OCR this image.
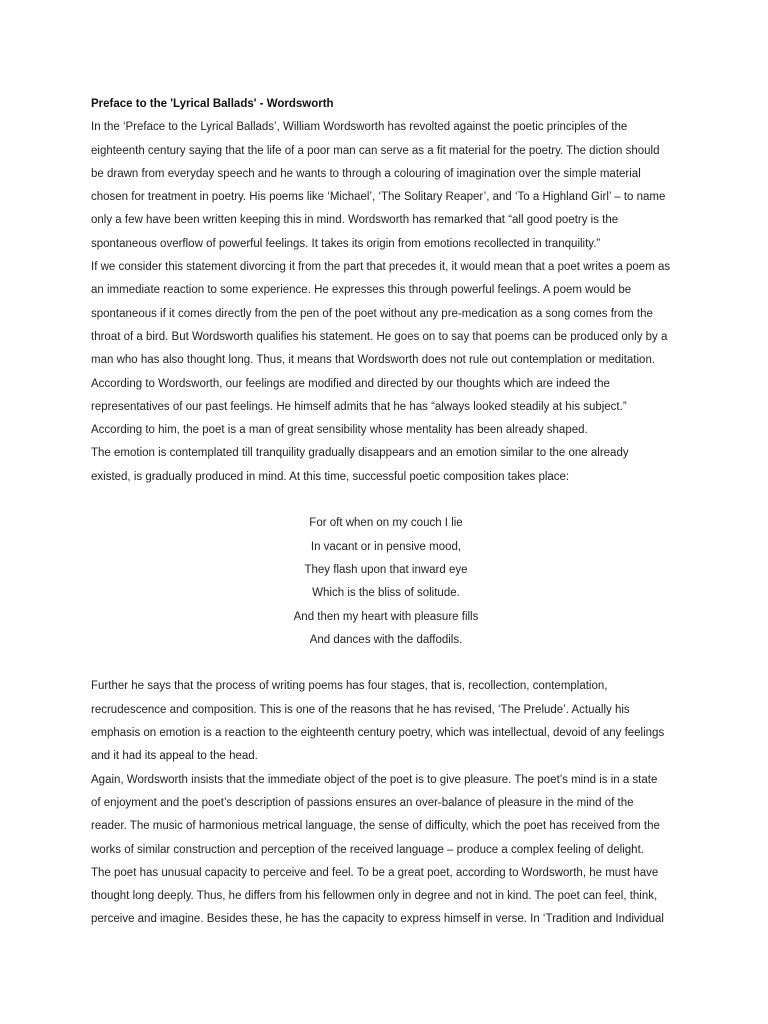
Preface to the 'Lyrical Ballads' - Wordsworth

In the ‘Preface to the Lyrical Ballads’, William Wordsworth has revolted against the poetic principles of the

eighteenth century saying that the life of a poor man can serve as a fit material for the poetry. The diction should

be drawn from everyday speech and he wants to through a colouring of imagination over the simple material

chosen for treatment in poetry. His poems like ‘Michael’, ‘The Solitary Reaper’, and ‘To a Highland Girl’ – to name

only a few have been written keeping this in mind. Wordsworth has remarked that “all good poetry is the

spontaneous overflow of powerful feelings. It takes its origin from emotions recollected in tranquility.”

If we consider this statement divorcing it from the part that precedes it, it would mean that a poet writes a poem as

an immediate reaction to some experience. He expresses this through powerful feelings. A poem would be

spontaneous if it comes directly from the pen of the poet without any pre-medication as a song comes from the

throat of a bird. But Wordsworth qualifies his statement. He goes on to say that poems can be produced only by a

man who has also thought long. Thus, it means that Wordsworth does not rule out contemplation or meditation.

According to Wordsworth, our feelings are modified and directed by our thoughts which are indeed the

representatives of our past feelings. He himself admits that he has “always looked steadily at his subject.”

According to him, the poet is a man of great sensibility whose mentality has been already shaped.

The emotion is contemplated till tranquility gradually disappears and an emotion similar to the one already

existed, is gradually produced in mind. At this time, successful poetic composition takes place:

For oft when on my couch I lie

In vacant or in pensive mood,

They flash upon that inward eye

Which is the bliss of solitude.

And then my heart with pleasure fills

And dances with the daffodils.

Further he says that the process of writing poems has four stages, that is, recollection, contemplation,

recrudescence and composition. This is one of the reasons that he has revised, ‘The Prelude’. Actually his

emphasis on emotion is a reaction to the eighteenth century poetry, which was intellectual, devoid of any feelings

and it had its appeal to the head.

Again, Wordsworth insists that the immediate object of the poet is to give pleasure. The poet’s mind is in a state

of enjoyment and the poet’s description of passions ensures an over-balance of pleasure in the mind of the

reader. The music of harmonious metrical language, the sense of difficulty, which the poet has received from the

works of similar construction and perception of the received language – produce a complex feeling of delight.

The poet has unusual capacity to perceive and feel. To be a great poet, according to Wordsworth, he must have

thought long deeply. Thus, he differs from his fellowmen only in degree and not in kind. The poet can feel, think,

perceive and imagine. Besides these, he has the capacity to express himself in verse. In ‘Tradition and Individual
